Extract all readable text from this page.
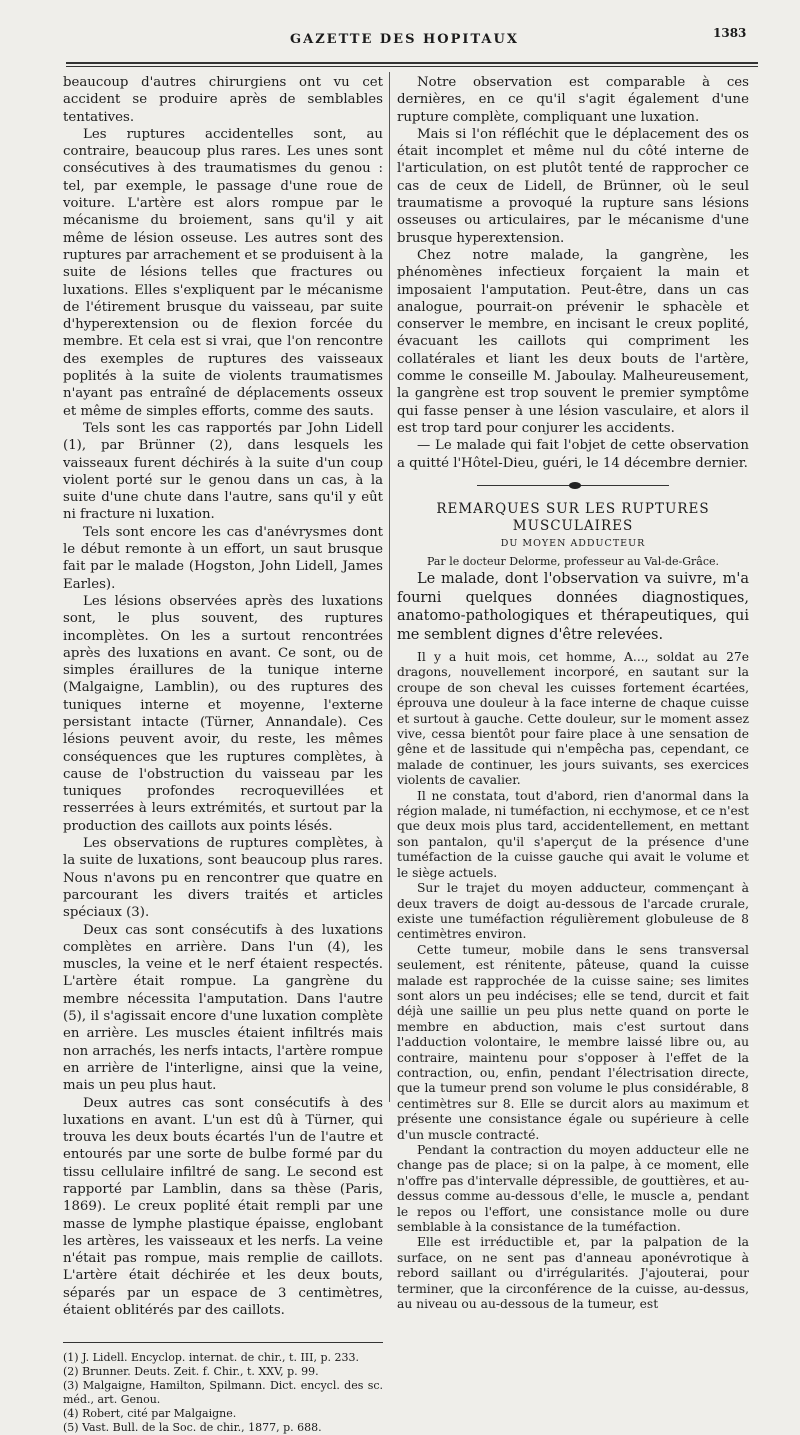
GAZETTE DES HOPITAUX	1383

beaucoup d'autres chirurgiens ont vu cet accident se produire après de semblables tentatives.

Les ruptures accidentelles sont, au contraire, beaucoup plus rares. Les unes sont consécutives à des traumatismes du genou : tel, par exemple, le passage d'une roue de voiture. L'artère est alors rompue par le mécanisme du broiement, sans qu'il y ait même de lésion osseuse. Les autres sont des ruptures par arrachement et se produisent à la suite de lésions telles que fractures ou luxations. Elles s'expliquent par le mécanisme de l'étirement brusque du vaisseau, par suite d'hyperextension ou de flexion forcée du membre. Et cela est si vrai, que l'on rencontre des exemples de ruptures des vaisseaux poplités à la suite de violents traumatismes n'ayant pas entraîné de déplacements osseux et même de simples efforts, comme des sauts.

Tels sont les cas rapportés par John Lidell (1), par Brünner (2), dans lesquels les vaisseaux furent déchirés à la suite d'un coup violent porté sur le genou dans un cas, à la suite d'une chute dans l'autre, sans qu'il y eût ni fracture ni luxation.

Tels sont encore les cas d'anévrysmes dont le début remonte à un effort, un saut brusque fait par le malade (Hogston, John Lidell, James Earles).

Les lésions observées après des luxations sont, le plus souvent, des ruptures incomplètes. On les a surtout rencontrées après des luxations en avant. Ce sont, ou de simples éraillures de la tunique interne (Malgaigne, Lamblin), ou des ruptures des tuniques interne et moyenne, l'externe persistant intacte (Türner, Annandale). Ces lésions peuvent avoir, du reste, les mêmes conséquences que les ruptures complètes, à cause de l'obstruction du vaisseau par les tuniques profondes recroquevillées et resserrées à leurs extrémités, et surtout par la production des caillots aux points lésés.

Les observations de ruptures complètes, à la suite de luxations, sont beaucoup plus rares. Nous n'avons pu en rencontrer que quatre en parcourant les divers traités et articles spéciaux (3).

Deux cas sont consécutifs à des luxations complètes en arrière. Dans l'un (4), les muscles, la veine et le nerf étaient respectés. L'artère était rompue. La gangrène du membre nécessita l'amputation. Dans l'autre (5), il s'agissait encore d'une luxation complète en arrière. Les muscles étaient infiltrés mais non arrachés, les nerfs intacts, l'artère rompue en arrière de l'interligne, ainsi que la veine, mais un peu plus haut.

Deux autres cas sont consécutifs à des luxations en avant. L'un est dû à Türner, qui trouva les deux bouts écartés l'un de l'autre et entourés par une sorte de bulbe formé par du tissu cellulaire infiltré de sang. Le second est rapporté par Lamblin, dans sa thèse (Paris, 1869). Le creux poplité était rempli par une masse de lymphe plastique épaisse, englobant les artères, les vaisseaux et les nerfs. La veine n'était pas rompue, mais remplie de caillots. L'artère était déchirée et les deux bouts, séparés par un espace de 3 centimètres, étaient oblitérés par des caillots.

(1) J. Lidell. Encyclop. internat. de chir., t. III, p. 233.
(2) Brunner. Deuts. Zeit. f. Chir., t. XXV, p. 99.
(3) Malgaigne, Hamilton, Spilmann. Dict. encycl. des sc. méd., art. Genou.
(4) Robert, cité par Malgaigne.
(5) Vast. Bull. de la Soc. de chir., 1877, p. 688.

Notre observation est comparable à ces dernières, en ce qu'il s'agit également d'une rupture complète, compliquant une luxation.

Mais si l'on réfléchit que le déplacement des os était incomplet et même nul du côté interne de l'articulation, on est plutôt tenté de rapprocher ce cas de ceux de Lidell, de Brünner, où le seul traumatisme a provoqué la rupture sans lésions osseuses ou articulaires, par le mécanisme d'une brusque hyperextension.

Chez notre malade, la gangrène, les phénomènes infectieux forçaient la main et imposaient l'amputation. Peut-être, dans un cas analogue, pourrait-on prévenir le sphacèle et conserver le membre, en incisant le creux poplité, évacuant les caillots qui compriment les collatérales et liant les deux bouts de l'artère, comme le conseille M. Jaboulay. Malheureusement, la gangrène est trop souvent le premier symptôme qui fasse penser à une lésion vasculaire, et alors il est trop tard pour conjurer les accidents.

— Le malade qui fait l'objet de cette observation a quitté l'Hôtel-Dieu, guéri, le 14 décembre dernier.

REMARQUES SUR LES RUPTURES MUSCULAIRES

DU MOYEN ADDUCTEUR

Par le docteur Delorme, professeur au Val-de-Grâce.

Le malade, dont l'observation va suivre, m'a fourni quelques données diagnostiques, anatomo-pathologiques et thérapeutiques, qui me semblent dignes d'être relevées.

Il y a huit mois, cet homme, A..., soldat au 27e dragons, nouvellement incorporé, en sautant sur la croupe de son cheval les cuisses fortement écartées, éprouva une douleur à la face interne de chaque cuisse et surtout à gauche. Cette douleur, sur le moment assez vive, cessa bientôt pour faire place à une sensation de gêne et de lassitude qui n'empêcha pas, cependant, ce malade de continuer, les jours suivants, ses exercices violents de cavalier.

Il ne constata, tout d'abord, rien d'anormal dans la région malade, ni tuméfaction, ni ecchymose, et ce n'est que deux mois plus tard, accidentellement, en mettant son pantalon, qu'il s'aperçut de la présence d'une tuméfaction de la cuisse gauche qui avait le volume et le siège actuels.

Sur le trajet du moyen adducteur, commençant à deux travers de doigt au-dessous de l'arcade crurale, existe une tuméfaction régulièrement globuleuse de 8 centimètres environ.

Cette tumeur, mobile dans le sens transversal seulement, est rénitente, pâteuse, quand la cuisse malade est rapprochée de la cuisse saine; ses limites sont alors un peu indécises; elle se tend, durcit et fait déjà une saillie un peu plus nette quand on porte le membre en abduction, mais c'est surtout dans l'adduction volontaire, le membre laissé libre ou, au contraire, maintenu pour s'opposer à l'effet de la contraction, ou, enfin, pendant l'électrisation directe, que la tumeur prend son volume le plus considérable, 8 centimètres sur 8. Elle se durcit alors au maximum et présente une consistance égale ou supérieure à celle d'un muscle contracté.

Pendant la contraction du moyen adducteur elle ne change pas de place; si on la palpe, à ce moment, elle n'offre pas d'intervalle dépressible, de gouttières, et au-dessus comme au-dessous d'elle, le muscle a, pendant le repos ou l'effort, une consistance molle ou dure semblable à la consistance de la tuméfaction.

Elle est irréductible et, par la palpation de la surface, on ne sent pas d'anneau aponévrotique à rebord saillant ou d'irrégularités. J'ajouterai, pour terminer, que la circonférence de la cuisse, au-dessus, au niveau ou au-dessous de la tumeur, est
